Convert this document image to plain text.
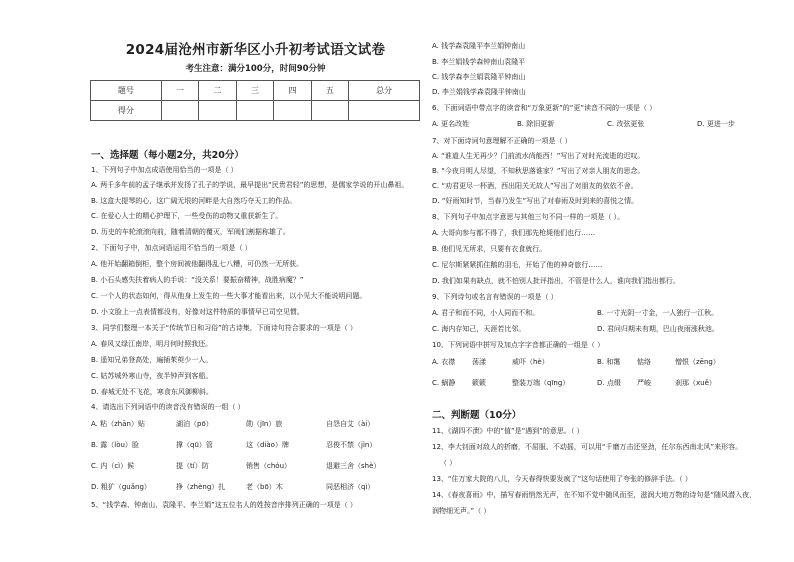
2024届沧州市新华区小升初考试语文试卷
考生注意：满分100分，时间90分钟
题号	一	二	三	四	五	总分
得分						
一、选择题（每小题2分，共20分）
1、下列句子中加点成语使用恰当的一项是（ ）
A. 两千多年前的孟子继承并发扬了孔子的学说，最早提出“民贵君轻”的思想，是儒家学说的开山鼻祖。
B. 这盒大提琴的心，这广阔无垠的河畔是大自然巧夺天工的作品。
C. 在爱心人士的精心护理下，一些受伤的动物又重获新生了。
D. 历史的车轮滚滚向前，随着清朝的覆灭，军阀们割据称雄了。
2、下面句子中，加点词语运用不恰当的一项是（ ）
A. 他开始翻箱倒柜，整个房间被他翻得乱七八糟，可仍然一无所获。
B. 小石头感失扶着病人的手说：“没关系！要振奋精神，战胜病魔？”
C. 一个人的状态如何，得从他身上发生的一些大事才能看出来，以小见大不能说明问题。
D. 小文脸上一点表情都没有，好像对这件特质的事情早已司空见惯。
3、同学们整理一本关于“传统节日和习俗”的古诗集，下面诗句符合要求的一项是（ ）
A. 春风又绿江南岸，明月何时照我还。
B. 遥知兄弟登高处，遍插茱萸少一人。
C. 姑苏城外寒山寺，夜半钟声到客船。
D. 春城无处不飞花，寒食东风御柳斜。
4、请选出下列词语中的读音没有错误的一组（ ）
A. 粘（zhān）贴	湖泊（pō）	勋（jīn）旅	自怨自艾（ài）
B. 露（lòu）脸	撑（qū）管	这（diào）牌	忍俊不禁（jìn）
C. 内（cì）候	提（tí）防	销售（chóu）	退避三舍（shè）
D. 粗犷（guǎng）	挣（zhèng）扎	老（bō）木	同恶相济（qì）
5、“钱学森、钟南山、袁隆平、李兰娟”这五位名人的姓按音序排列正确的一项是（ ）
A. 钱学森袁隆平李兰娟钟南山
B. 李兰娟钱学森钟南山袁隆平
C. 钱学森李兰娟袁隆平钟南山
D. 李兰娟钱学森袁隆平钟南山
6、下面词语中带点字的读音和“万象更新”的“更”读音不同的一项是（ ）
A. 更名改姓	B. 除旧更新	C. 改弦更张	D. 更进一步
7、对下面诗词句意理解不正确的一项是（ ）
A. “谁道人生无再少？门前流水尚能西！”写出了对时光流逝的迟叹。
B. “今夜月明人尽望，不知秋思落谁家？”写出了对亲人朋友的思念。
C. “劝君更尽一杯酒，西出阳关无故人”写出了对朋友的依依不舍。
D. “好雨知时节，当春乃发生”写出了对春雨及时到来的喜悦之情。
8、下列句子中加点字意思与其他三句不同一样的一项是（ ）。
A. 大哥向参与都不得了，我们那先枪毙他们也行……
B. 他们见无所求，只要有衣食就行。
C. 尼尔斯紧紧抓住鹅的羽毛，开始了他的神奇旅行……
D. 我们如果有缺点，就不怕别人批评指出，不管是什么人，谁向我们指出都行。
9、下列诗句或名言有错误的一项是（ ）
A. 君子和而不同，小人同而不和。	B. 一寸光阴一寸金，一人独行一江秋。
C. 海内存知己，天涯若比邻。	D. 君问归期未有期，巴山夜雨涨秋池。
10、下列词语中拼写及加点字字音都正确的一组是（ ）
A. 衣襟 荡漾	威吓（hè）	B. 和霭 惦络	憎恨（zēng）
C. 蜗静 簌簌	整装万端（qīng）	D. 点缀 严峻	刹那（xuě）
二、判断题（10分）
11、《湖四不溃》中的“值”是“遇到”的意思。（ ）
12、李大钊面对敌人的折磨，不屈服、不动摇，可以用“千磨万击还坚劲，任尔东西南北风”来形容。
（ ）
13、“住万家大院的八儿，今天春得快要发疯了”这句话使用了夸张的修辞手法。（ ）
14、《春夜喜雨》中，描写春雨悄然无声，在不知不觉中随风而至，滋润大地万物的诗句是“随风潜入夜，
润物细无声。”（ ）
